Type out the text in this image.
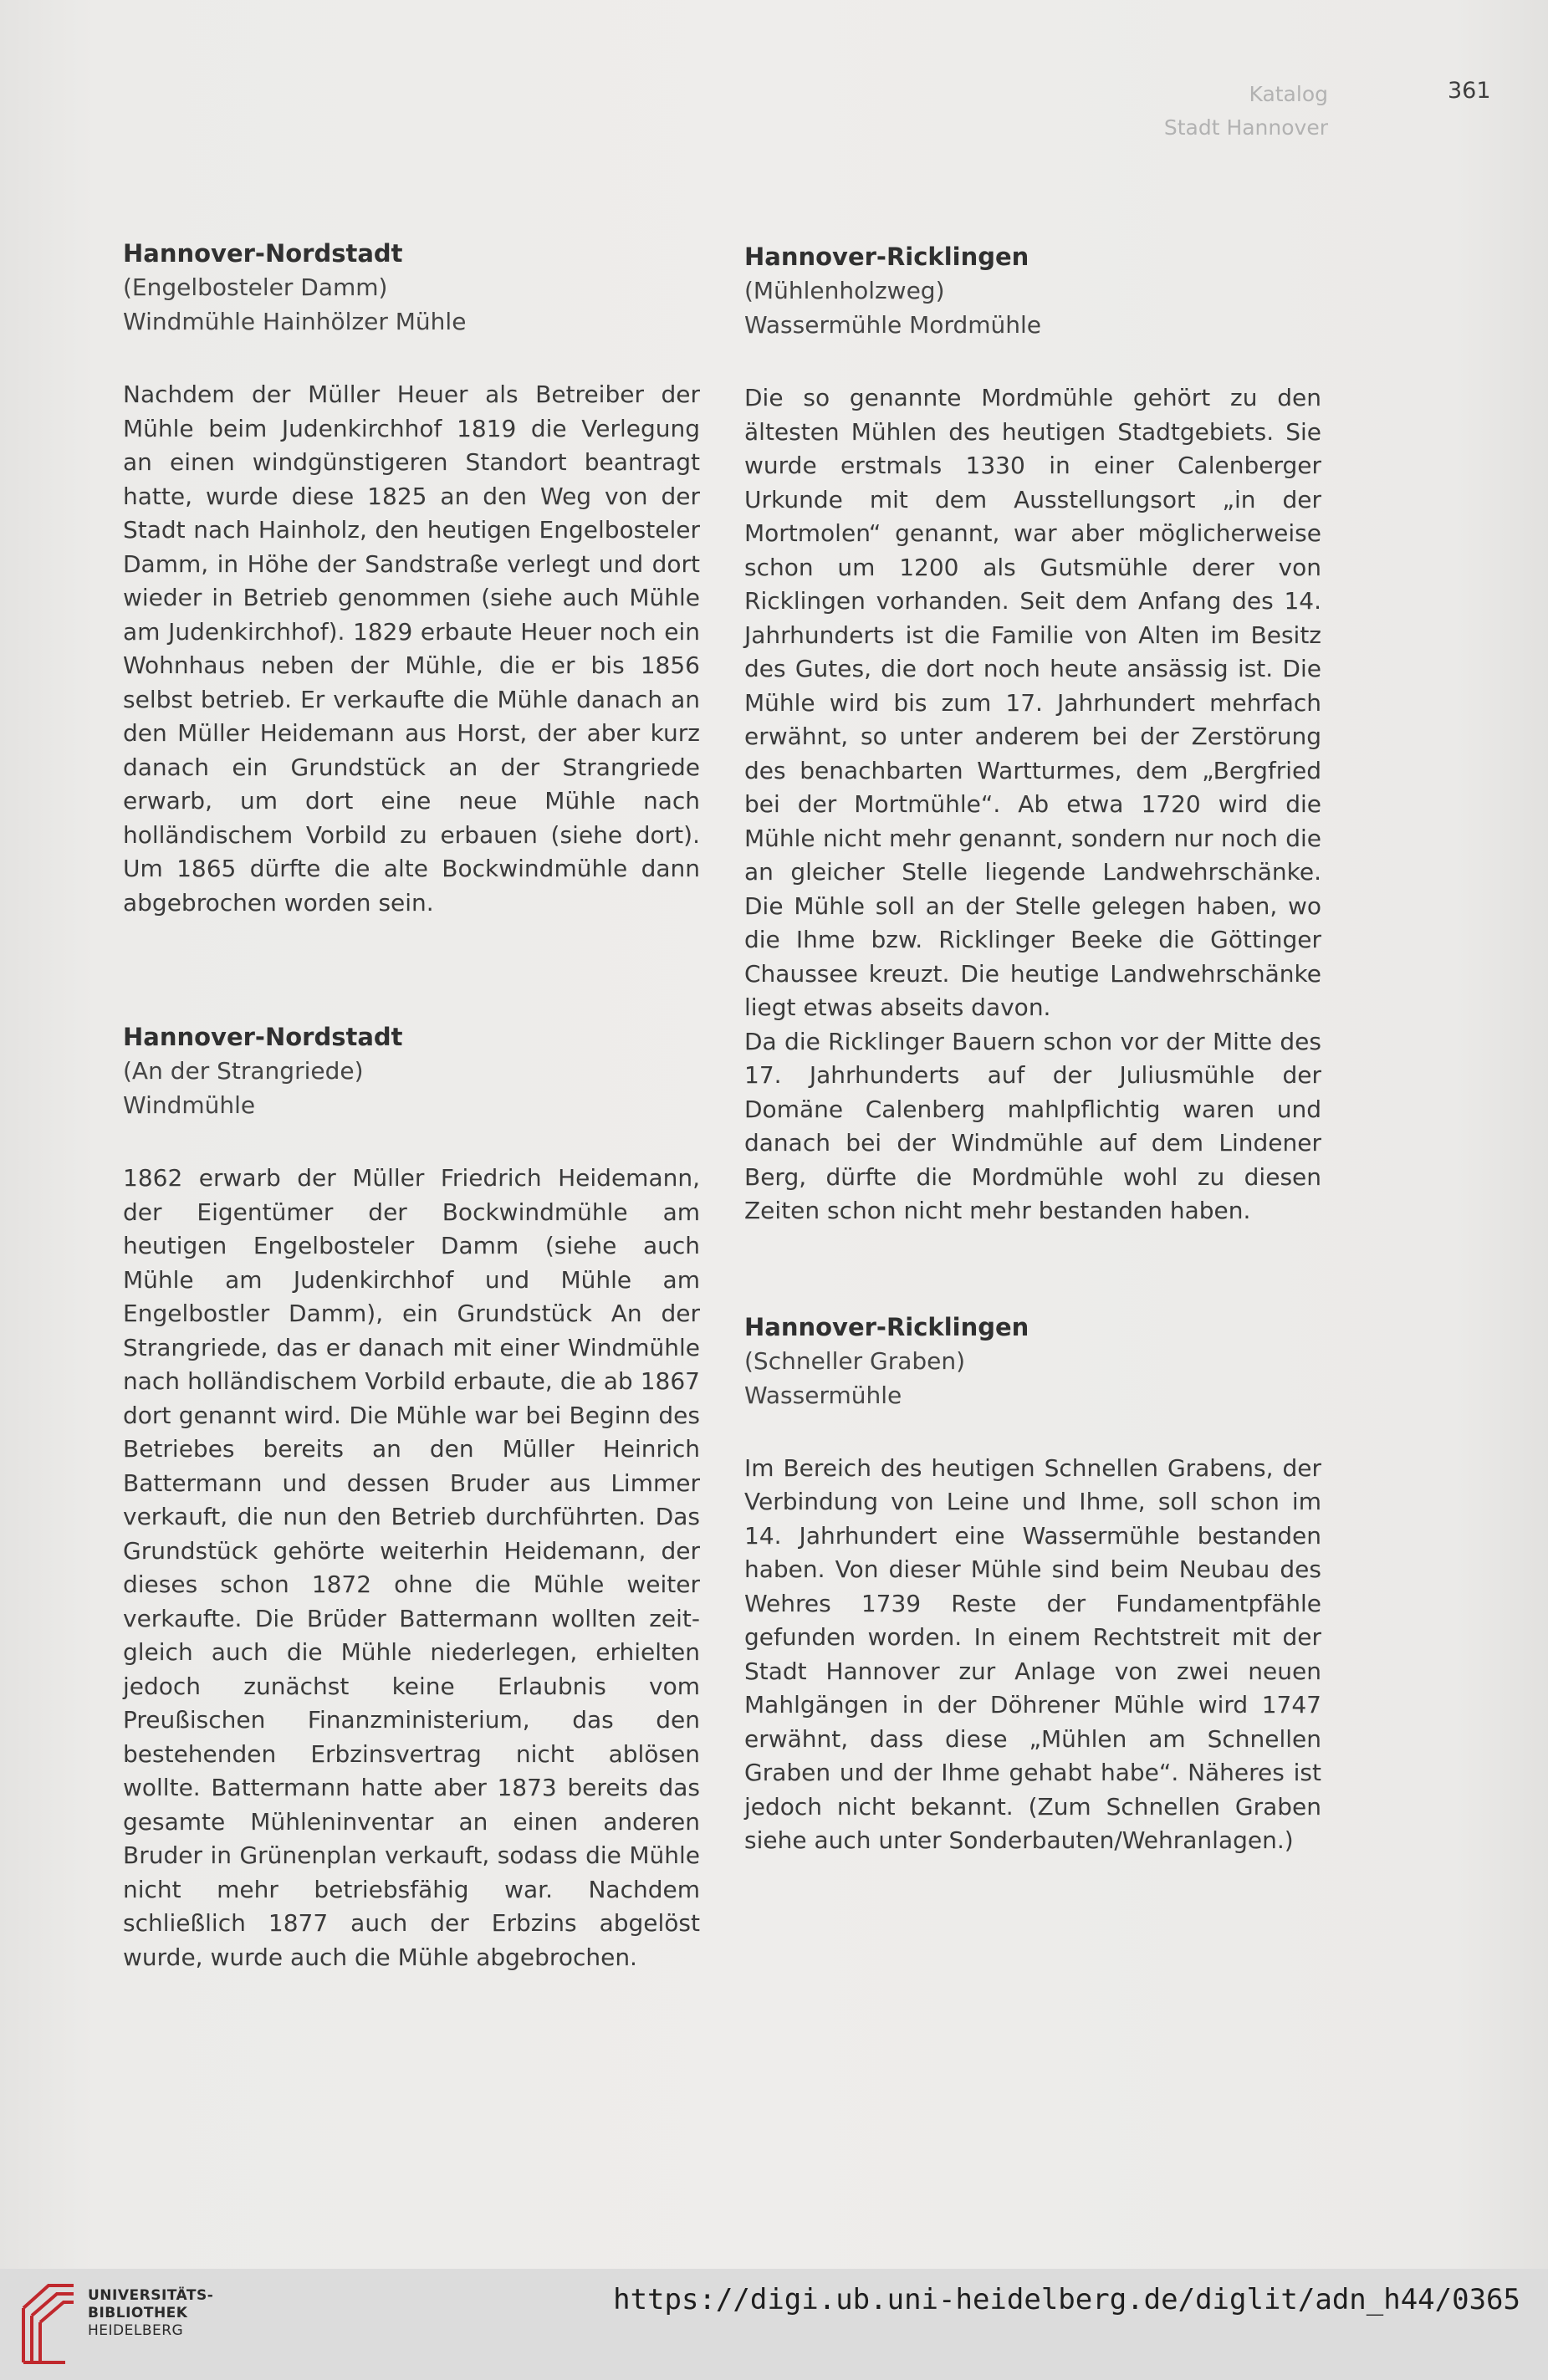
Katalog
Stadt Hannover
361
Hannover-Nordstadt
(Engelbosteler Damm)
Windmühle Hainhölzer Mühle

Nachdem der Müller Heuer als Betreiber der Mühle beim Judenkirchhof 1819 die Verlegung an einen windgünstigeren Standort beantragt hatte, wurde diese 1825 an den Weg von der Stadt nach Hainholz, den heutigen Engelbosteler Damm, in Höhe der Sandstraße verlegt und dort wieder in Betrieb genommen (siehe auch Mühle am Judenkirchhof). 1829 erbaute Heuer noch ein Wohnhaus neben der Mühle, die er bis 1856 selbst betrieb. Er verkaufte die Mühle danach an den Müller Heidemann aus Horst, der aber kurz danach ein Grundstück an der Strangriede erwarb, um dort eine neue Mühle nach holländischem Vorbild zu erbauen (siehe dort). Um 1865 dürfte die alte Bockwindmühle dann abgebrochen worden sein.

Hannover-Nordstadt
(An der Strangriede)
Windmühle

1862 erwarb der Müller Friedrich Heidemann, der Eigentümer der Bockwindmühle am heutigen Engelbosteler Damm (siehe auch Mühle am Judenkirchhof und Mühle am Engelbostler Damm), ein Grundstück An der Strangriede, das er danach mit einer Windmühle nach holländischem Vorbild erbaute, die ab 1867 dort genannt wird. Die Mühle war bei Beginn des Betriebes bereits an den Müller Heinrich Battermann und dessen Bruder aus Limmer verkauft, die nun den Betrieb durchführten. Das Grundstück gehörte weiterhin Heidemann, der dieses schon 1872 ohne die Mühle weiter verkaufte. Die Brüder Battermann wollten zeitgleich auch die Mühle niederlegen, erhielten jedoch zunächst keine Erlaubnis vom Preußischen Finanzministerium, das den bestehenden Erbzinsvertrag nicht ablösen wollte. Battermann hatte aber 1873 bereits das gesamte Mühleninventar an einen anderen Bruder in Grünenplan verkauft, sodass die Mühle nicht mehr betriebsfähig war. Nachdem schließlich 1877 auch der Erbzins abgelöst wurde, wurde auch die Mühle abgebrochen.

Hannover-Ricklingen
(Mühlenholzweg)
Wassermühle Mordmühle

Die so genannte Mordmühle gehört zu den ältesten Mühlen des heutigen Stadtgebiets. Sie wurde erstmals 1330 in einer Calenberger Urkunde mit dem Ausstellungsort „in der Mortmolen“ genannt, war aber möglicherweise schon um 1200 als Gutsmühle derer von Ricklingen vorhanden. Seit dem Anfang des 14. Jahrhunderts ist die Familie von Alten im Besitz des Gutes, die dort noch heute ansässig ist. Die Mühle wird bis zum 17. Jahrhundert mehrfach erwähnt, so unter anderem bei der Zerstörung des benachbarten Wartturmes, dem „Bergfried bei der Mortmühle“. Ab etwa 1720 wird die Mühle nicht mehr genannt, sondern nur noch die an gleicher Stelle liegende Landwehrschänke. Die Mühle soll an der Stelle gelegen haben, wo die Ihme bzw. Ricklinger Beeke die Göttinger Chaussee kreuzt. Die heutige Landwehrschänke liegt etwas abseits davon.

Da die Ricklinger Bauern schon vor der Mitte des 17. Jahrhunderts auf der Juliusmühle der Domäne Calenberg mahlpflichtig waren und danach bei der Windmühle auf dem Lindener Berg, dürfte die Mordmühle wohl zu diesen Zeiten schon nicht mehr bestanden haben.

Hannover-Ricklingen
(Schneller Graben)
Wassermühle

Im Bereich des heutigen Schnellen Grabens, der Verbindung von Leine und Ihme, soll schon im 14. Jahrhundert eine Wassermühle bestanden haben. Von dieser Mühle sind beim Neubau des Wehres 1739 Reste der Fundamentpfähle gefunden worden. In einem Rechtstreit mit der Stadt Hannover zur Anlage von zwei neuen Mahlgängen in der Döhrener Mühle wird 1747 erwähnt, dass diese „Mühlen am Schnellen Graben und der Ihme gehabt habe“. Näheres ist jedoch nicht bekannt. (Zum Schnellen Graben siehe auch unter Sonderbauten/Wehranlagen.)

UNIVERSITÄTS-
BIBLIOTHEK
HEIDELBERG
https://digi.ub.uni-heidelberg.de/diglit/adn_h44/0365
